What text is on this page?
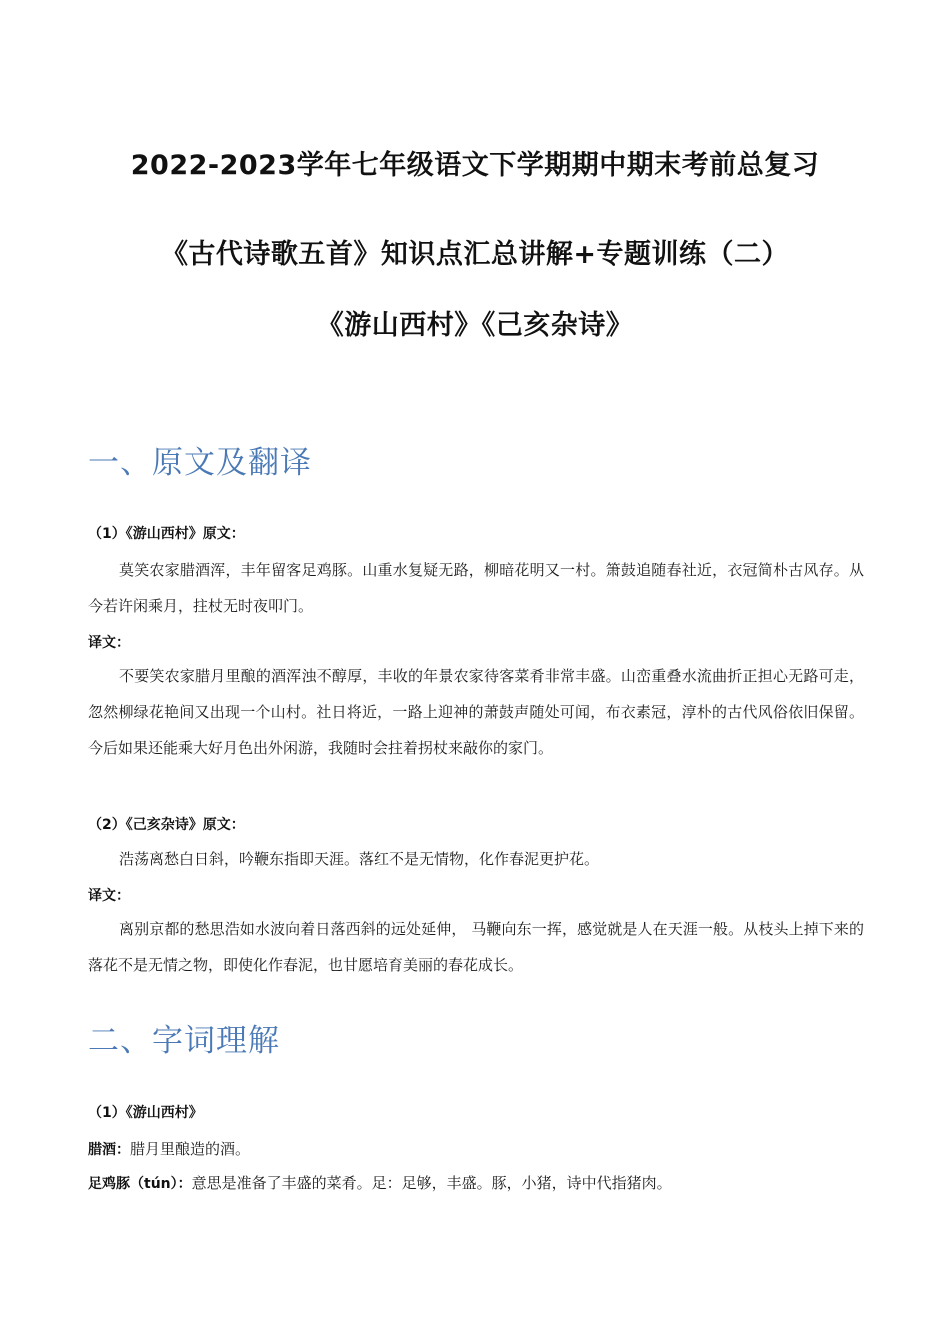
2022-2023学年七年级语文下学期期中期末考前总复习
《古代诗歌五首》知识点汇总讲解+专题训练（二）
《游山西村》《己亥杂诗》
一、原文及翻译
（1）《游山西村》原文：

莫笑农家腊酒浑，丰年留客足鸡豚。山重水复疑无路，柳暗花明又一村。箫鼓追随春社近，衣冠简朴古风存。从今若许闲乘月，拄杖无时夜叩门。

译文：

不要笑农家腊月里酿的酒浑浊不醇厚，丰收的年景农家待客菜肴非常丰盛。山峦重叠水流曲折正担心无路可走，忽然柳绿花艳间又出现一个山村。社日将近，一路上迎神的萧鼓声随处可闻，布衣素冠，淳朴的古代风俗依旧保留。今后如果还能乘大好月色出外闲游，我随时会拄着拐杖来敲你的家门。

（2）《己亥杂诗》原文：

浩荡离愁白日斜，吟鞭东指即天涯。落红不是无情物，化作春泥更护花。

译文：

离别京都的愁思浩如水波向着日落西斜的远处延伸， 马鞭向东一挥，感觉就是人在天涯一般。从枝头上掉下来的落花不是无情之物，即使化作春泥，也甘愿培育美丽的春花成长。

二、字词理解
（1）《游山西村》
腊酒：腊月里酿造的酒。
足鸡豚（tún）：意思是准备了丰盛的菜肴。足：足够，丰盛。豚，小猪，诗中代指猪肉。
